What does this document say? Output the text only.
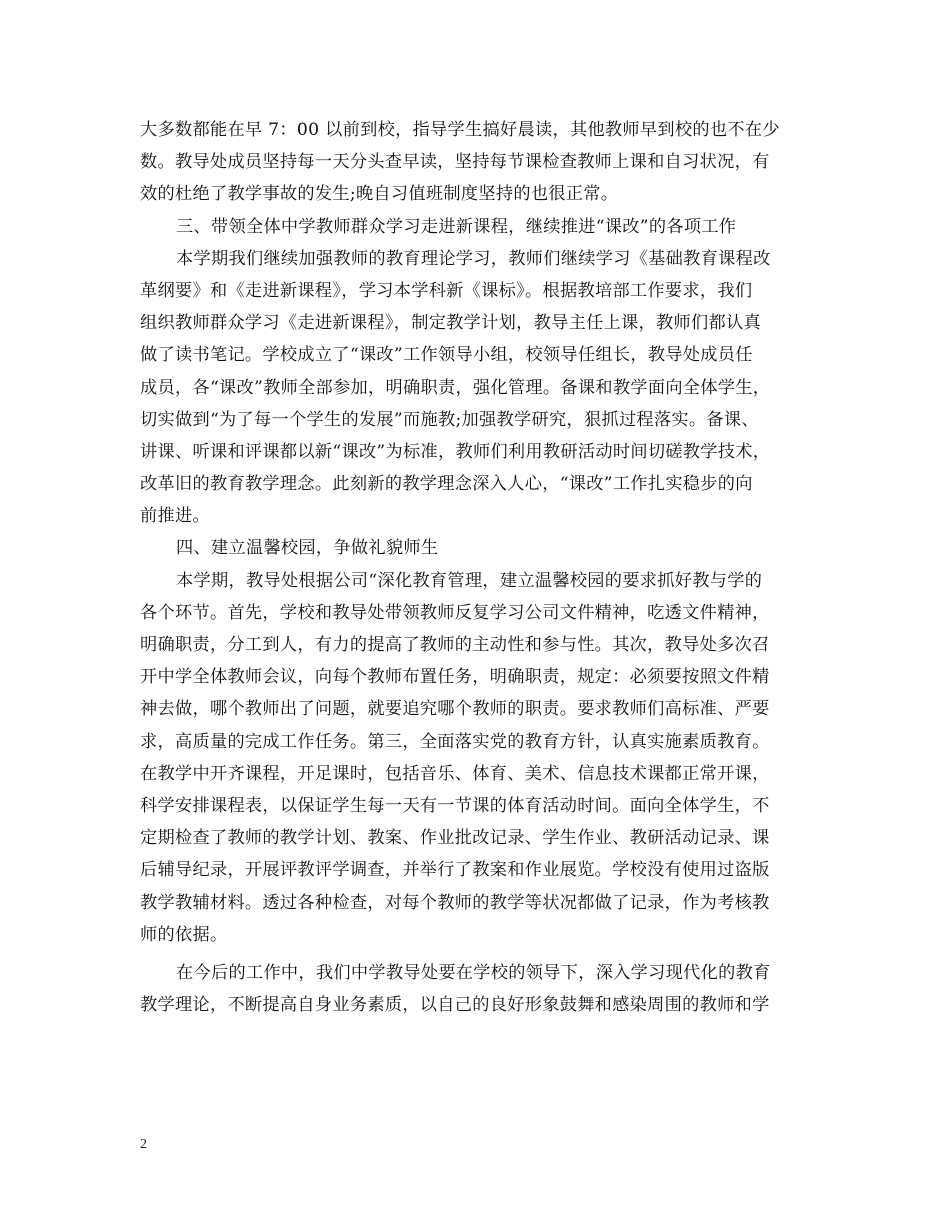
大多数都能在早 7：00 以前到校，指导学生搞好晨读，其他教师早到校的也不在少
数。教导处成员坚持每一天分头查早读，坚持每节课检查教师上课和自习状况，有
效的杜绝了教学事故的发生;晚自习值班制度坚持的也很正常。
三、带领全体中学教师群众学习走进新课程，继续推进“课改”的各项工作
本学期我们继续加强教师的教育理论学习，教师们继续学习《基础教育课程改
革纲要》和《走进新课程》，学习本学科新《课标》。根据教培部工作要求，我们
组织教师群众学习《走进新课程》，制定教学计划，教导主任上课，教师们都认真
做了读书笔记。学校成立了“课改”工作领导小组，校领导任组长，教导处成员任
成员，各“课改”教师全部参加，明确职责，强化管理。备课和教学面向全体学生，
切实做到“为了每一个学生的发展”而施教;加强教学研究，狠抓过程落实。备课、
讲课、听课和评课都以新“课改”为标准，教师们利用教研活动时间切磋教学技术，
改革旧的教育教学理念。此刻新的教学理念深入人心，“课改”工作扎实稳步的向
前推进。
四、建立温馨校园，争做礼貌师生
本学期，教导处根据公司“深化教育管理，建立温馨校园的要求抓好教与学的
各个环节。首先，学校和教导处带领教师反复学习公司文件精神，吃透文件精神，
明确职责，分工到人，有力的提高了教师的主动性和参与性。其次，教导处多次召
开中学全体教师会议，向每个教师布置任务，明确职责，规定：必须要按照文件精
神去做，哪个教师出了问题，就要追究哪个教师的职责。要求教师们高标准、严要
求，高质量的完成工作任务。第三，全面落实党的教育方针，认真实施素质教育。
在教学中开齐课程，开足课时，包括音乐、体育、美术、信息技术课都正常开课，
科学安排课程表，以保证学生每一天有一节课的体育活动时间。面向全体学生，不
定期检查了教师的教学计划、教案、作业批改记录、学生作业、教研活动记录、课
后辅导纪录，开展评教评学调查，并举行了教案和作业展览。学校没有使用过盗版
教学教辅材料。透过各种检查，对每个教师的教学等状况都做了记录，作为考核教
师的依据。
在今后的工作中，我们中学教导处要在学校的领导下，深入学习现代化的教育
教学理论，不断提高自身业务素质，以自己的良好形象鼓舞和感染周围的教师和学
2
